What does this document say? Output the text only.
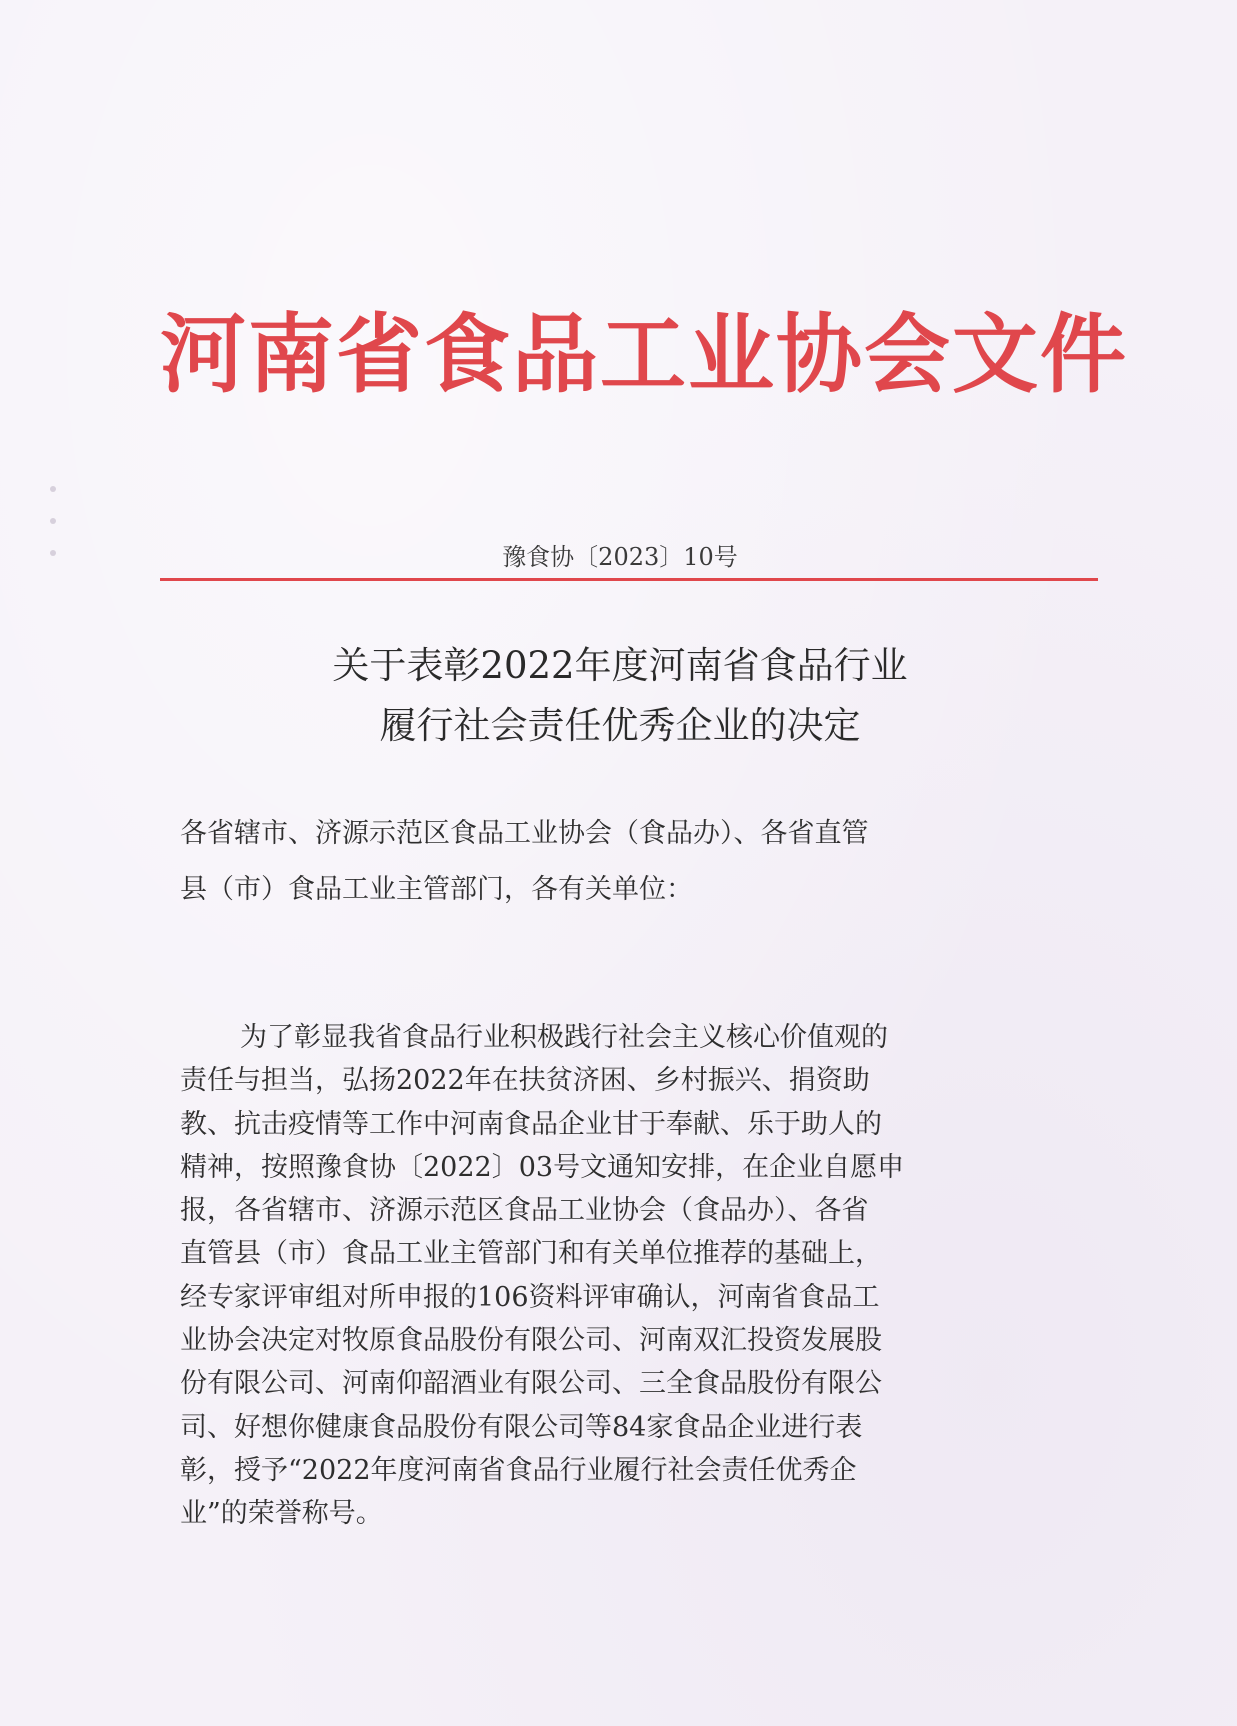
河南省食品工业协会文件
豫食协〔2023〕10号
关于表彰2022年度河南省食品行业
履行社会责任优秀企业的决定
各省辖市、济源示范区食品工业协会（食品办）、各省直管
县（市）食品工业主管部门，各有关单位：
为了彰显我省食品行业积极践行社会主义核心价值观的
责任与担当，弘扬2022年在扶贫济困、乡村振兴、捐资助
教、抗击疫情等工作中河南食品企业甘于奉献、乐于助人的
精神，按照豫食协〔2022〕03号文通知安排，在企业自愿申
报，各省辖市、济源示范区食品工业协会（食品办）、各省
直管县（市）食品工业主管部门和有关单位推荐的基础上，
经专家评审组对所申报的106资料评审确认，河南省食品工
业协会决定对牧原食品股份有限公司、河南双汇投资发展股
份有限公司、河南仰韶酒业有限公司、三全食品股份有限公
司、好想你健康食品股份有限公司等84家食品企业进行表
彰，授予“2022年度河南省食品行业履行社会责任优秀企
业”的荣誉称号。
